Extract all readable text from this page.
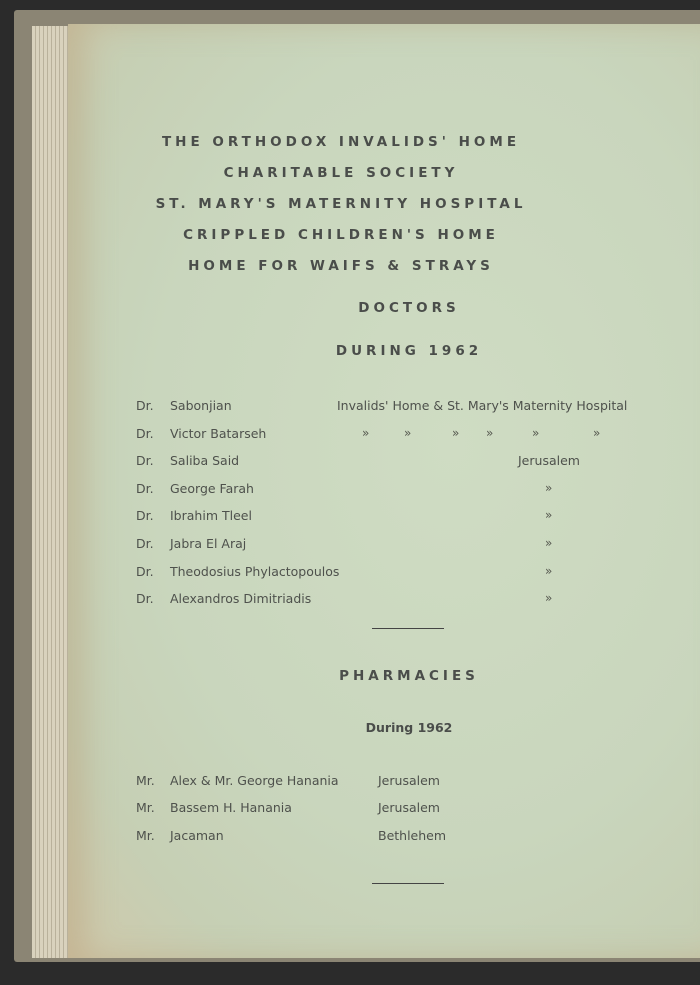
THE ORTHODOX INVALIDS' HOME
CHARITABLE SOCIETY
ST. MARY'S MATERNITY HOSPITAL
CRIPPLED CHILDREN'S HOME
HOME FOR WAIFS & STRAYS
DOCTORS
DURING 1962
Dr. Sabonjian	Invalids' Home & St. Mary's Maternity Hospital
Dr. Victor Batarseh	»	»	» »	»	»
Dr. Saliba Said	Jerusalem
Dr. George Farah	»
Dr. Ibrahim Tleel	»
Dr. Jabra El Araj	»
Dr. Theodosius Phylactopoulos	»
Dr. Alexandros Dimitriadis	»
PHARMACIES
During 1962
Mr. Alex & Mr. George Hanania	Jerusalem
Mr. Bassem H. Hanania	Jerusalem
Mr. Jacaman	Bethlehem
